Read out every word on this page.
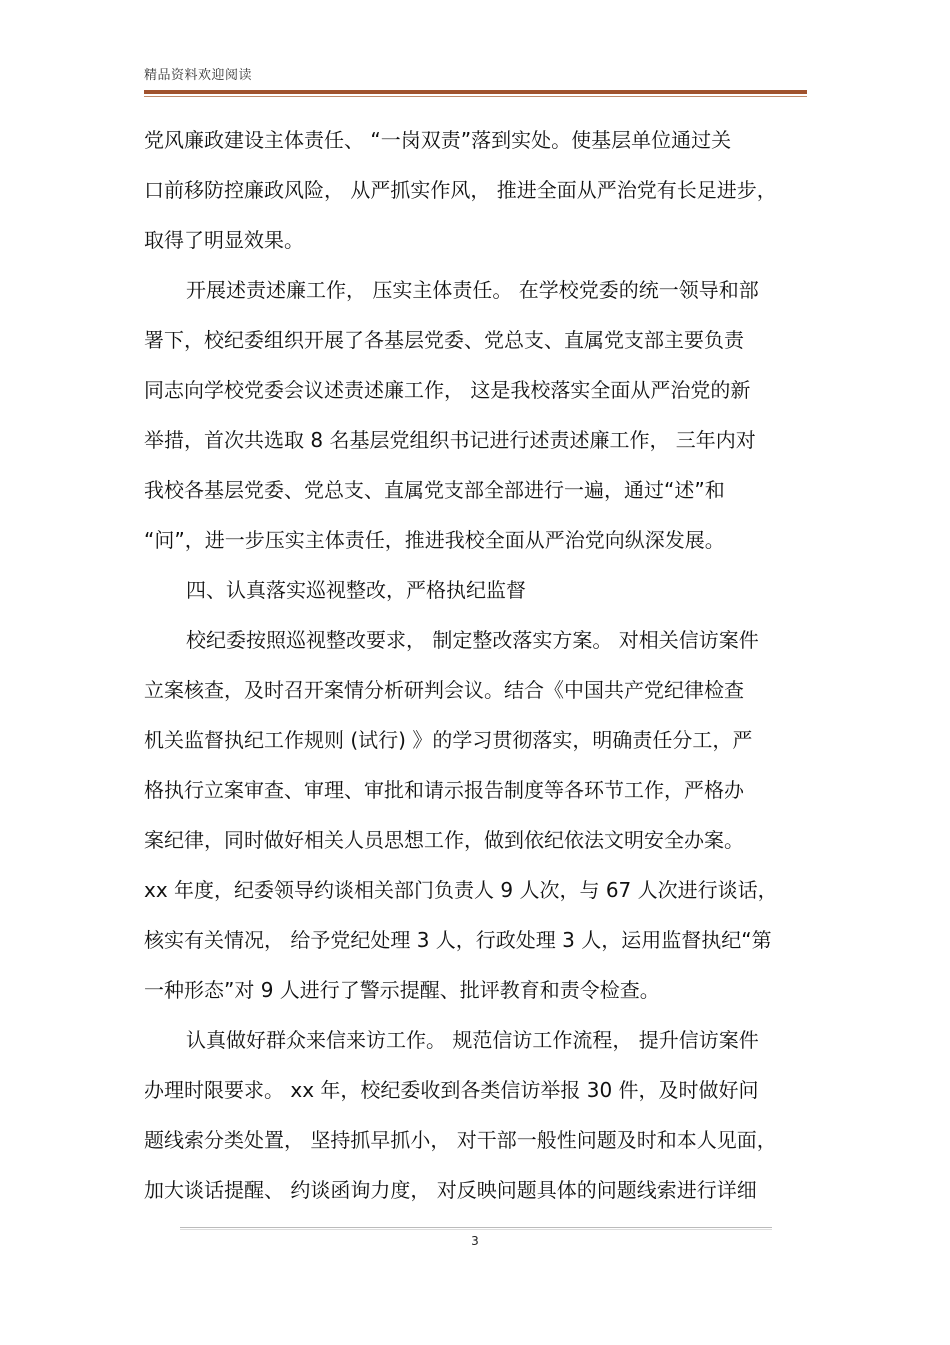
精品资料欢迎阅读
党风廉政建设主体责任、 “一岗双责”落到实处。使基层单位通过关
口前移防控廉政风险， 从严抓实作风， 推进全面从严治党有长足进步，
取得了明显效果。
开展述责述廉工作， 压实主体责任。 在学校党委的统一领导和部
署下，校纪委组织开展了各基层党委、党总支、直属党支部主要负责
同志向学校党委会议述责述廉工作， 这是我校落实全面从严治党的新
举措，首次共选取 8 名基层党组织书记进行述责述廉工作， 三年内对
我校各基层党委、党总支、直属党支部全部进行一遍，通过“述”和
“问”，进一步压实主体责任，推进我校全面从严治党向纵深发展。
四、认真落实巡视整改，严格执纪监督
校纪委按照巡视整改要求， 制定整改落实方案。 对相关信访案件
立案核查，及时召开案情分析研判会议。结合《中国共产党纪律检查
机关监督执纪工作规则 (试行) 》的学习贯彻落实，明确责任分工，严
格执行立案审查、审理、审批和请示报告制度等各环节工作，严格办
案纪律，同时做好相关人员思想工作，做到依纪依法文明安全办案。
xx 年度，纪委领导约谈相关部门负责人 9 人次，与 67 人次进行谈话，
核实有关情况， 给予党纪处理 3 人，行政处理 3 人，运用监督执纪“第
一种形态”对 9 人进行了警示提醒、批评教育和责令检查。
认真做好群众来信来访工作。 规范信访工作流程， 提升信访案件
办理时限要求。 xx 年，校纪委收到各类信访举报 30 件，及时做好问
题线索分类处置， 坚持抓早抓小， 对干部一般性问题及时和本人见面，
加大谈话提醒、 约谈函询力度， 对反映问题具体的问题线索进行详细
3
